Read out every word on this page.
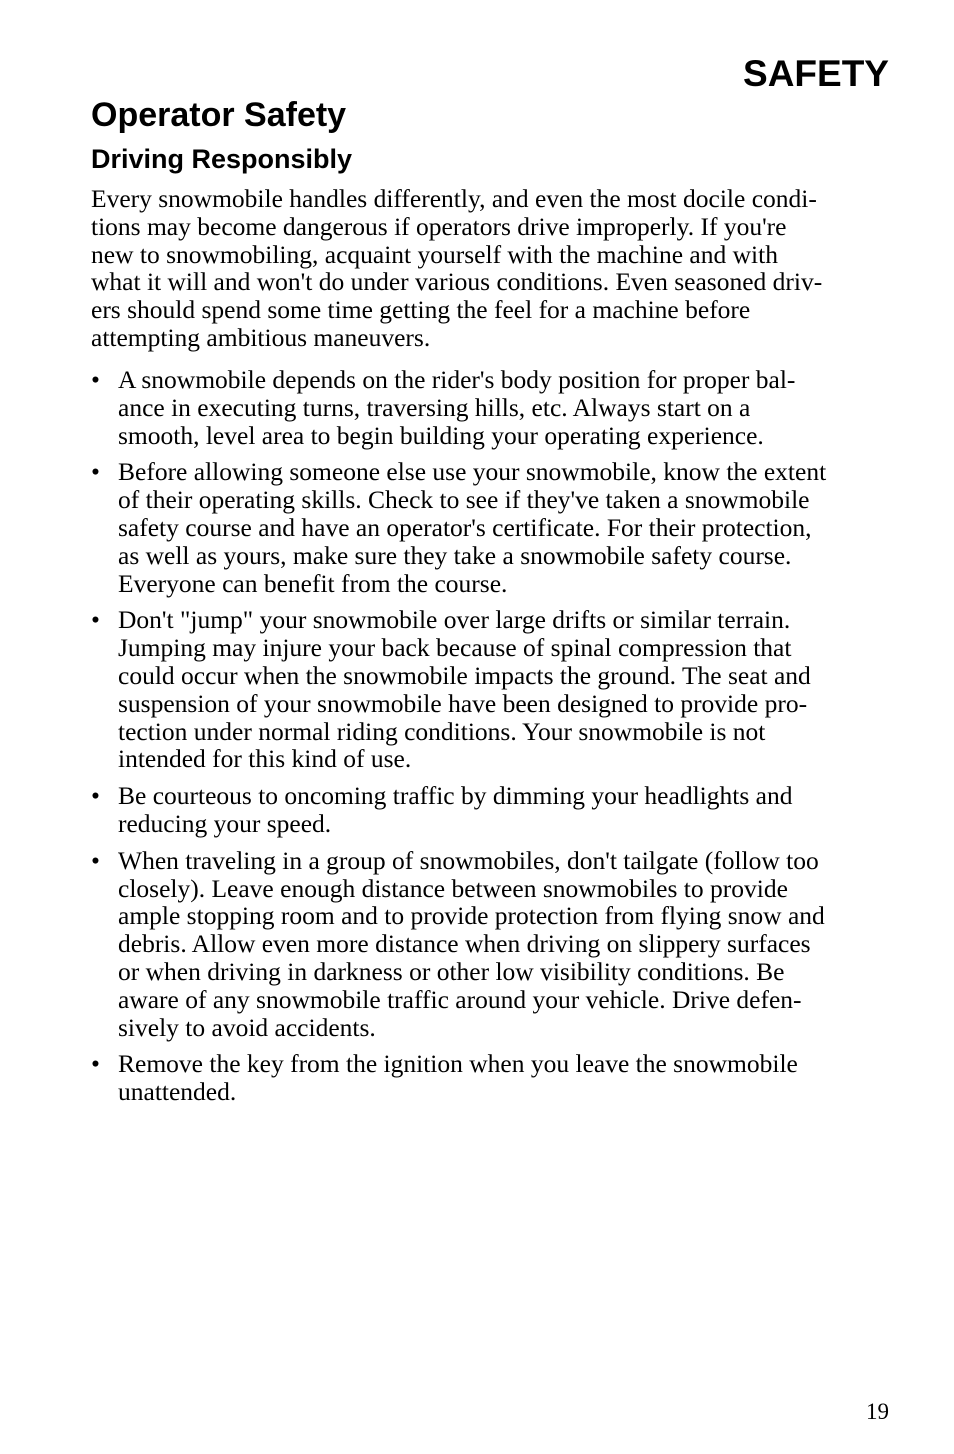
SAFETY
Operator Safety
Driving Responsibly

Every snowmobile handles differently, and even the most docile condi-
tions may become dangerous if operators drive improperly. If you're
new to snowmobiling, acquaint yourself with the machine and with
what it will and won't do under various conditions. Even seasoned driv-
ers should spend some time getting the feel for a machine before
attempting ambitious maneuvers.

• A snowmobile depends on the rider's body position for proper bal-
ance in executing turns, traversing hills, etc. Always start on a
smooth, level area to begin building your operating experience.
• Before allowing someone else use your snowmobile, know the extent
of their operating skills. Check to see if they've taken a snowmobile
safety course and have an operator's certificate. For their protection,
as well as yours, make sure they take a snowmobile safety course.
Everyone can benefit from the course.
• Don't "jump" your snowmobile over large drifts or similar terrain.
Jumping may injure your back because of spinal compression that
could occur when the snowmobile impacts the ground. The seat and
suspension of your snowmobile have been designed to provide pro-
tection under normal riding conditions. Your snowmobile is not
intended for this kind of use.
• Be courteous to oncoming traffic by dimming your headlights and
reducing your speed.
• When traveling in a group of snowmobiles, don't tailgate (follow too
closely). Leave enough distance between snowmobiles to provide
ample stopping room and to provide protection from flying snow and
debris. Allow even more distance when driving on slippery surfaces
or when driving in darkness or other low visibility conditions. Be
aware of any snowmobile traffic around your vehicle. Drive defen-
sively to avoid accidents.
• Remove the key from the ignition when you leave the snowmobile
unattended.
19
